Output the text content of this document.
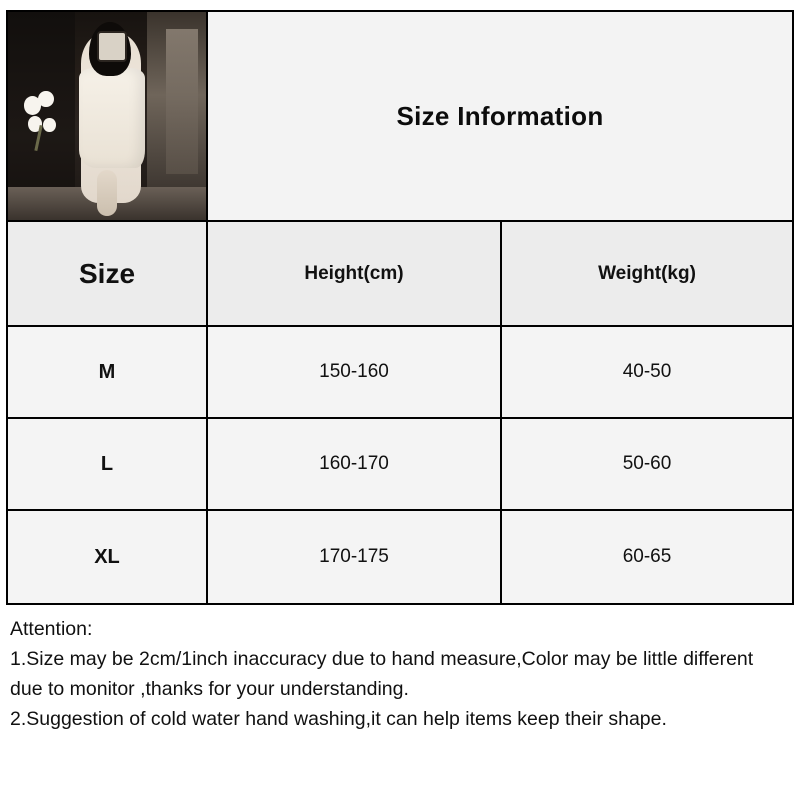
Size Information
Size	Height(cm)	Weight(kg)
M	150-160	40-50
L	160-170	50-60
XL	170-175	60-65
Attention:
1.Size may be 2cm/1inch inaccuracy due to hand measure,Color may be little different due to monitor ,thanks for your understanding.
2.Suggestion of cold water hand washing,it can help items keep their shape.
